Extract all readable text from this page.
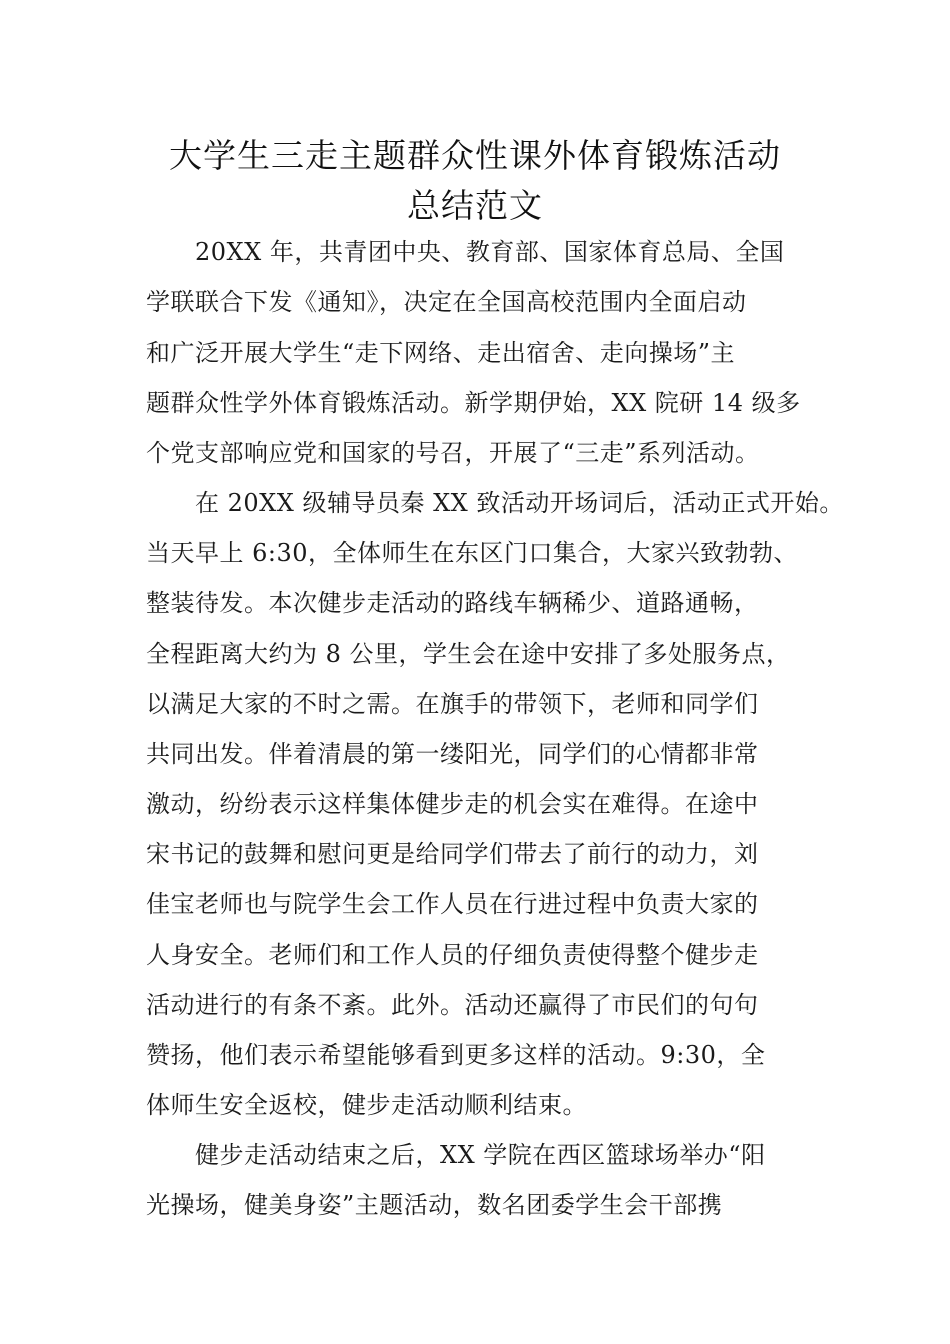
大学生三走主题群众性课外体育锻炼活动
总结范文
　　20XX 年，共青团中央、教育部、国家体育总局、全国
学联联合下发《通知》，决定在全国高校范围内全面启动
和广泛开展大学生“走下网络、走出宿舍、走向操场”主
题群众性学外体育锻炼活动。新学期伊始，XX 院研 14 级多
个党支部响应党和国家的号召，开展了“三走”系列活动。
　　在 20XX 级辅导员秦 XX 致活动开场词后，活动正式开始。
当天早上 6:30，全体师生在东区门口集合，大家兴致勃勃、
整装待发。本次健步走活动的路线车辆稀少、道路通畅，
全程距离大约为 8 公里，学生会在途中安排了多处服务点，
以满足大家的不时之需。在旗手的带领下，老师和同学们
共同出发。伴着清晨的第一缕阳光，同学们的心情都非常
激动，纷纷表示这样集体健步走的机会实在难得。在途中
宋书记的鼓舞和慰问更是给同学们带去了前行的动力，刘
佳宝老师也与院学生会工作人员在行进过程中负责大家的
人身安全。老师们和工作人员的仔细负责使得整个健步走
活动进行的有条不紊。此外。活动还赢得了市民们的句句
赞扬，他们表示希望能够看到更多这样的活动。9:30，全
体师生安全返校，健步走活动顺利结束。
　　健步走活动结束之后，XX 学院在西区篮球场举办“阳
光操场，健美身姿”主题活动，数名团委学生会干部携
